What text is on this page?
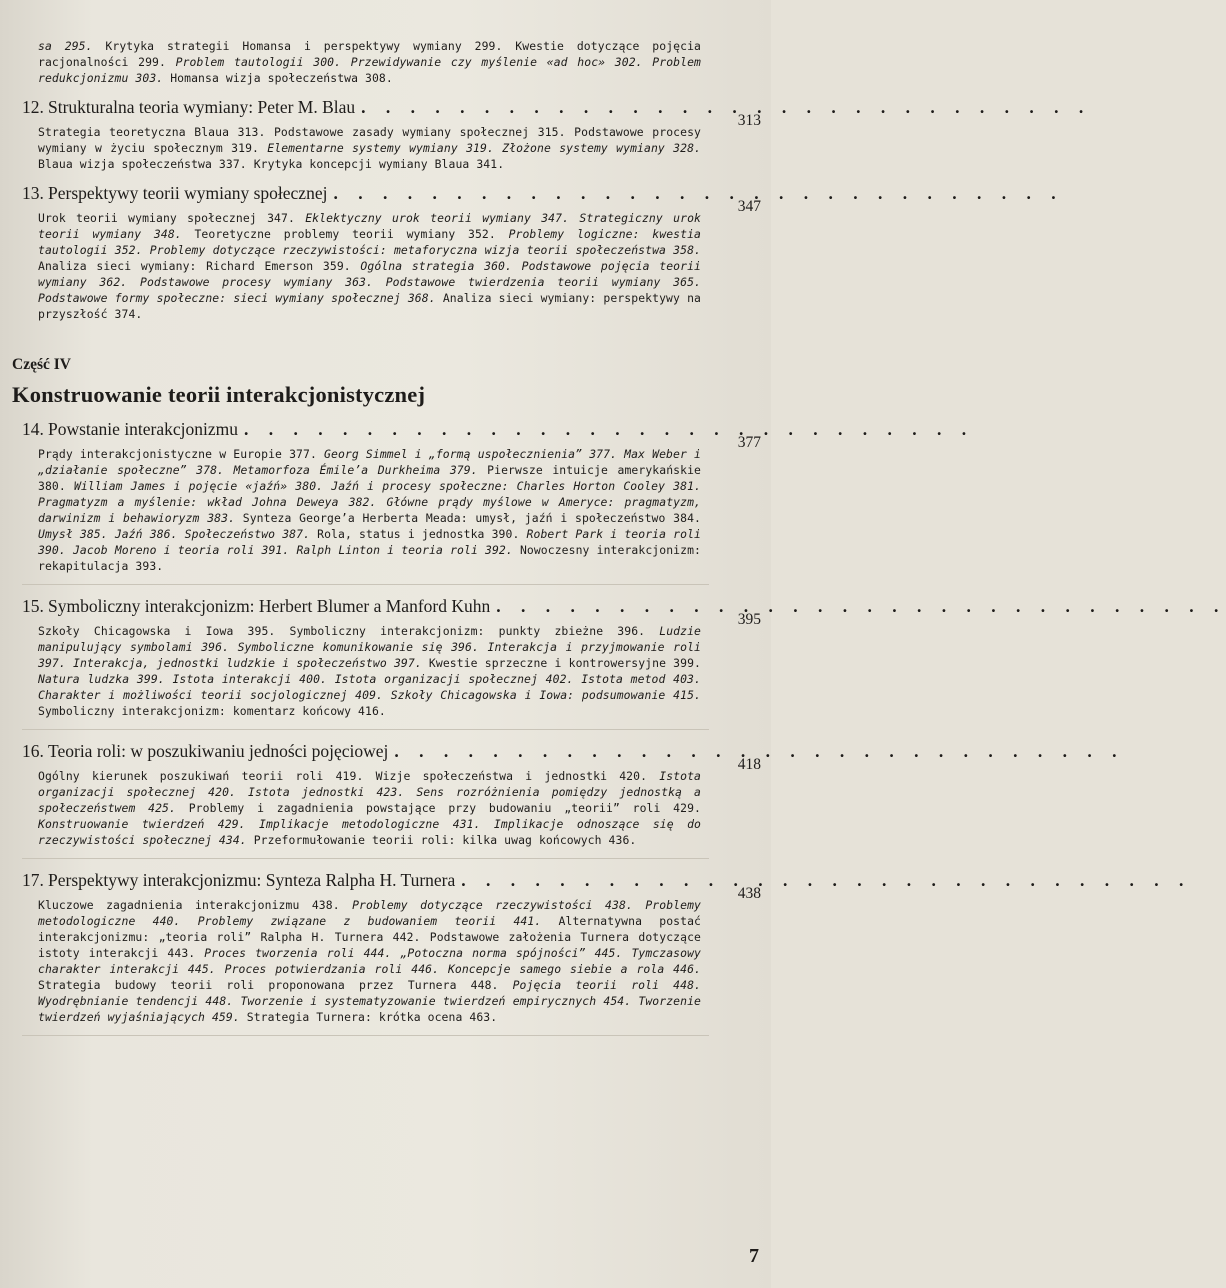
sa 295. Krytyka strategii Homansa i perspektywy wymiany 299. Kwestie dotyczące pojęcia racjonalności 299. Problem tautologii 300. Przewidywanie czy myślenie «ad hoc» 302. Problem redukcjonizmu 303. Homansa wizja społeczeństwa 308.
12. Strukturalna teoria wymiany: Peter M. Blau . . . . . . . . . . . . . . . . . . . . . . . . . . . . . .
313
Strategia teoretyczna Blaua 313. Podstawowe zasady wymiany społecznej 315. Podstawowe procesy wymiany w życiu społecznym 319. Elementarne systemy wymiany 319. Złożone systemy wymiany 328. Blaua wizja społeczeństwa 337. Krytyka koncepcji wymiany Blaua 341.
13. Perspektywy teorii wymiany społecznej . . . . . . . . . . . . . . . . . . . . . . . . . . . . . .
347
Urok teorii wymiany społecznej 347. Eklektyczny urok teorii wymiany 347. Strategiczny urok teorii wymiany 348. Teoretyczne problemy teorii wymiany 352. Problemy logiczne: kwestia tautologii 352. Problemy dotyczące rzeczywistości: metaforyczna wizja teorii społeczeństwa 358. Analiza sieci wymiany: Richard Emerson 359. Ogólna strategia 360. Podstawowe pojęcia teorii wymiany 362. Podstawowe procesy wymiany 363. Podstawowe twierdzenia teorii wymiany 365. Podstawowe formy społeczne: sieci wymiany społecznej 368. Analiza sieci wymiany: perspektywy na przyszłość 374.
Część IV
Konstruowanie teorii interakcjonistycznej
14. Powstanie interakcjonizmu . . . . . . . . . . . . . . . . . . . . . . . . . . . . . .
377
Prądy interakcjonistyczne w Europie 377. Georg Simmel i „formą uspołecznienia” 377. Max Weber i „działanie społeczne” 378. Metamorfoza Émile’a Durkheima 379. Pierwsze intuicje amerykańskie 380. William James i pojęcie «jaźń» 380. Jaźń i procesy społeczne: Charles Horton Cooley 381. Pragmatyzm a myślenie: wkład Johna Deweya 382. Główne prądy myślowe w Ameryce: pragmatyzm, darwinizm i behawioryzm 383. Synteza George’a Herberta Meada: umysł, jaźń i społeczeństwo 384. Umysł 385. Jaźń 386. Społeczeństwo 387. Rola, status i jednostka 390. Robert Park i teoria roli 390. Jacob Moreno i teoria roli 391. Ralph Linton i teoria roli 392. Nowoczesny interakcjonizm: rekapitulacja 393.
15. Symboliczny interakcjonizm: Herbert Blumer a Manford Kuhn . . . . . . . . . . . . . . . . . . . . . . . . . . . . . .
395
Szkoły Chicagowska i Iowa 395. Symboliczny interakcjonizm: punkty zbieżne 396. Ludzie manipulujący symbolami 396. Symboliczne komunikowanie się 396. Interakcja i przyjmowanie roli 397. Interakcja, jednostki ludzkie i społeczeństwo 397. Kwestie sprzeczne i kontrowersyjne 399. Natura ludzka 399. Istota interakcji 400. Istota organizacji społecznej 402. Istota metod 403. Charakter i możliwości teorii socjologicznej 409. Szkoły Chicagowska i Iowa: podsumowanie 415. Symboliczny interakcjonizm: komentarz końcowy 416.
16. Teoria roli: w poszukiwaniu jedności pojęciowej . . . . . . . . . . . . . . . . . . . . . . . . . . . . . .
418
Ogólny kierunek poszukiwań teorii roli 419. Wizje społeczeństwa i jednostki 420. Istota organizacji społecznej 420. Istota jednostki 423. Sens rozróżnienia pomiędzy jednostką a społeczeństwem 425. Problemy i zagadnienia powstające przy budowaniu „teorii” roli 429. Konstruowanie twierdzeń 429. Implikacje metodologiczne 431. Implikacje odnoszące się do rzeczywistości społecznej 434. Przeformułowanie teorii roli: kilka uwag końcowych 436.
17. Perspektywy interakcjonizmu: Synteza Ralpha H. Turnera . . . . . . . . . . . . . . . . . . . . . . . . . . . . . .
438
Kluczowe zagadnienia interakcjonizmu 438. Problemy dotyczące rzeczywistości 438. Problemy metodologiczne 440. Problemy związane z budowaniem teorii 441. Alternatywna postać interakcjonizmu: „teoria roli” Ralpha H. Turnera 442. Podstawowe założenia Turnera dotyczące istoty interakcji 443. Proces tworzenia roli 444. „Potoczna norma spójności” 445. Tymczasowy charakter interakcji 445. Proces potwierdzania roli 446. Koncepcje samego siebie a rola 446. Strategia budowy teorii roli proponowana przez Turnera 448. Pojęcia teorii roli 448. Wyodrębnianie tendencji 448. Tworzenie i systematyzowanie twierdzeń empirycznych 454. Tworzenie twierdzeń wyjaśniających 459. Strategia Turnera: krótka ocena 463.
7
